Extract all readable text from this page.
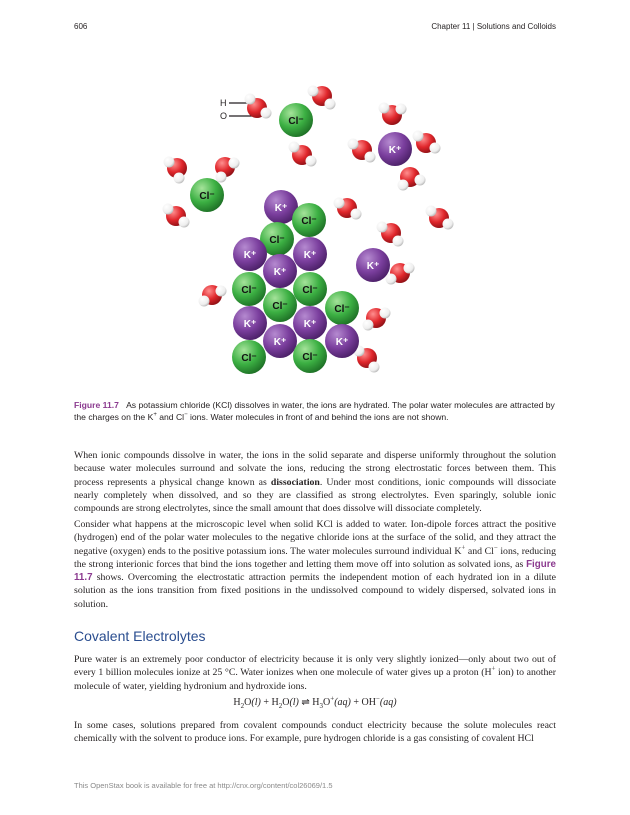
606	Chapter 11 | Solutions and Colloids
H
O	Cl⁻
Cl⁻
K⁺
K⁺
K⁺
Cl⁻
Cl⁻
K⁺	K⁺
K⁺
Cl⁻	Cl⁻
Cl⁻	Cl⁻
K⁺	K⁺
K⁺	K⁺
Cl⁻	Cl⁻
Figure 11.7 As potassium chloride (KCl) dissolves in water, the ions are hydrated. The polar water molecules are attracted by the charges on the K+ and Cl− ions. Water molecules in front of and behind the ions are not shown.

When ionic compounds dissolve in water, the ions in the solid separate and disperse uniformly throughout the solution because water molecules surround and solvate the ions, reducing the strong electrostatic forces between them. This process represents a physical change known as dissociation. Under most conditions, ionic compounds will dissociate nearly completely when dissolved, and so they are classified as strong electrolytes. Even sparingly, soluble ionic compounds are strong electrolytes, since the small amount that does dissolve will dissociate completely.

Consider what happens at the microscopic level when solid KCl is added to water. Ion-dipole forces attract the positive (hydrogen) end of the polar water molecules to the negative chloride ions at the surface of the solid, and they attract the negative (oxygen) ends to the positive potassium ions. The water molecules surround individual K+ and Cl− ions, reducing the strong interionic forces that bind the ions together and letting them move off into solution as solvated ions, as Figure 11.7 shows. Overcoming the electrostatic attraction permits the independent motion of each hydrated ion in a dilute solution as the ions transition from fixed positions in the undissolved compound to widely dispersed, solvated ions in solution.

Covalent Electrolytes

Pure water is an extremely poor conductor of electricity because it is only very slightly ionized—only about two out of every 1 billion molecules ionize at 25 °C. Water ionizes when one molecule of water gives up a proton (H+ ion) to another molecule of water, yielding hydronium and hydroxide ions.

$H_2O(l) + H_2O(l)$ ⇌ $H_3O^+(aq) + OH^-(aq)$

In some cases, solutions prepared from covalent compounds conduct electricity because the solute molecules react chemically with the solvent to produce ions. For example, pure hydrogen chloride is a gas consisting of covalent HCl

This OpenStax book is available for free at http://cnx.org/content/col26069/1.5
